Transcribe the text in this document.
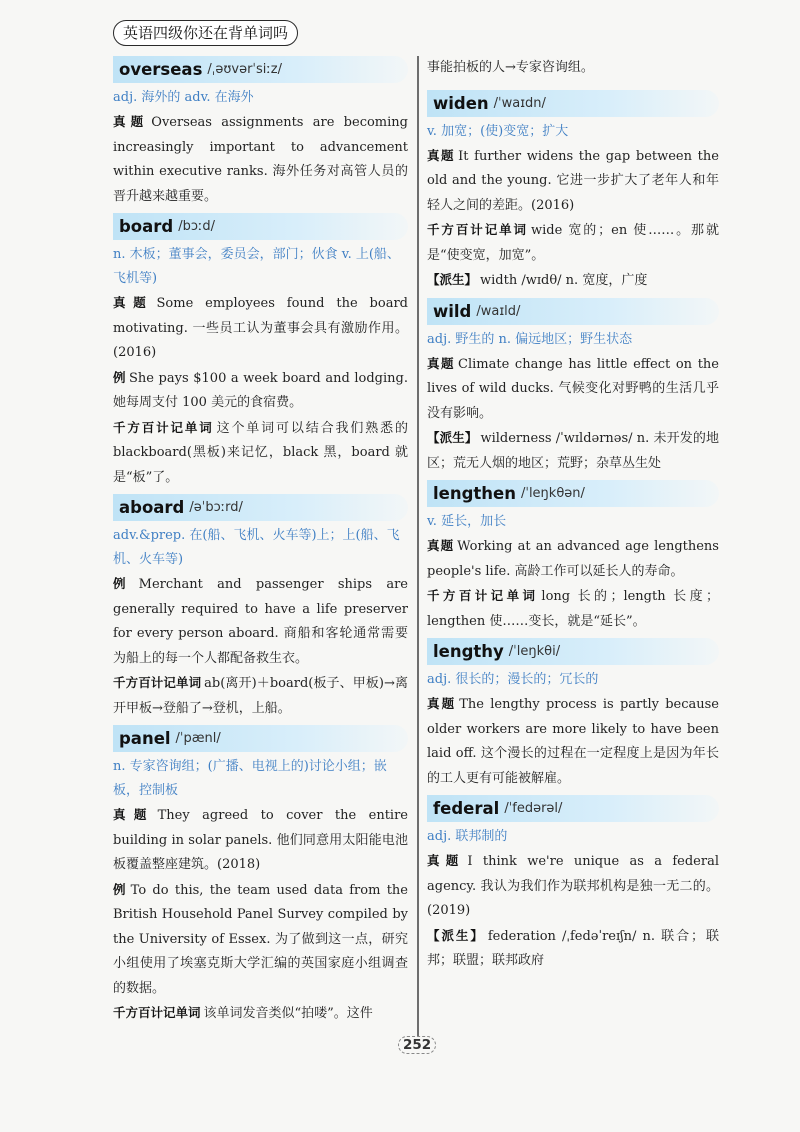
英语四级你还在背单词吗
overseas /ˌəʊvərˈsiːz/
adj. 海外的 adv. 在海外
真题 Overseas assignments are becoming increasingly important to advancement within executive ranks. 海外任务对高管人员的晋升越来越重要。
board /bɔːd/
n. 木板；董事会，委员会，部门；伙食 v. 上(船、飞机等)
真题 Some employees found the board motivating. 一些员工认为董事会具有激励作用。(2016)
例 She pays $100 a week board and lodging. 她每周支付 100 美元的食宿费。
千方百计记单词 这个单词可以结合我们熟悉的 blackboard(黑板)来记忆，black 黑，board 就是“板”了。
aboard /əˈbɔːrd/
adv.&prep. 在(船、飞机、火车等)上；上(船、飞机、火车等)
例 Merchant and passenger ships are generally required to have a life preserver for every person aboard. 商船和客轮通常需要为船上的每一个人都配备救生衣。
千方百计记单词 ab(离开)＋board(板子、甲板)→离开甲板→登船了→登机，上船。
panel /ˈpænl/
n. 专家咨询组；(广播、电视上的)讨论小组；嵌板，控制板
真题 They agreed to cover the entire building in solar panels. 他们同意用太阳能电池板覆盖整座建筑。(2018)
例 To do this, the team used data from the British Household Panel Survey compiled by the University of Essex. 为了做到这一点，研究小组使用了埃塞克斯大学汇编的英国家庭小组调查的数据。
千方百计记单词 该单词发音类似“拍喽”。这件
事能拍板的人→专家咨询组。
widen /ˈwaɪdn/
v. 加宽；(使)变宽；扩大
真题 It further widens the gap between the old and the young. 它进一步扩大了老年人和年轻人之间的差距。(2016)
千方百计记单词 wide 宽的；en 使……。那就是“使变宽，加宽”。
【派生】 width /wɪdθ/ n. 宽度，广度
wild /waɪld/
adj. 野生的 n. 偏远地区；野生状态
真题 Climate change has little effect on the lives of wild ducks. 气候变化对野鸭的生活几乎没有影响。
【派生】 wilderness /ˈwɪldərnəs/ n. 未开发的地区；荒无人烟的地区；荒野；杂草丛生处
lengthen /ˈleŋkθən/
v. 延长，加长
真题 Working at an advanced age lengthens people's life. 高龄工作可以延长人的寿命。
千方百计记单词 long 长的；length 长度；lengthen 使……变长，就是“延长”。
lengthy /ˈleŋkθi/
adj. 很长的；漫长的；冗长的
真题 The lengthy process is partly because older workers are more likely to have been laid off. 这个漫长的过程在一定程度上是因为年长的工人更有可能被解雇。
federal /ˈfedərəl/
adj. 联邦制的
真题 I think we're unique as a federal agency. 我认为我们作为联邦机构是独一无二的。(2019)
【派生】 federation /ˌfedəˈreɪʃn/ n. 联合；联邦；联盟；联邦政府
252
